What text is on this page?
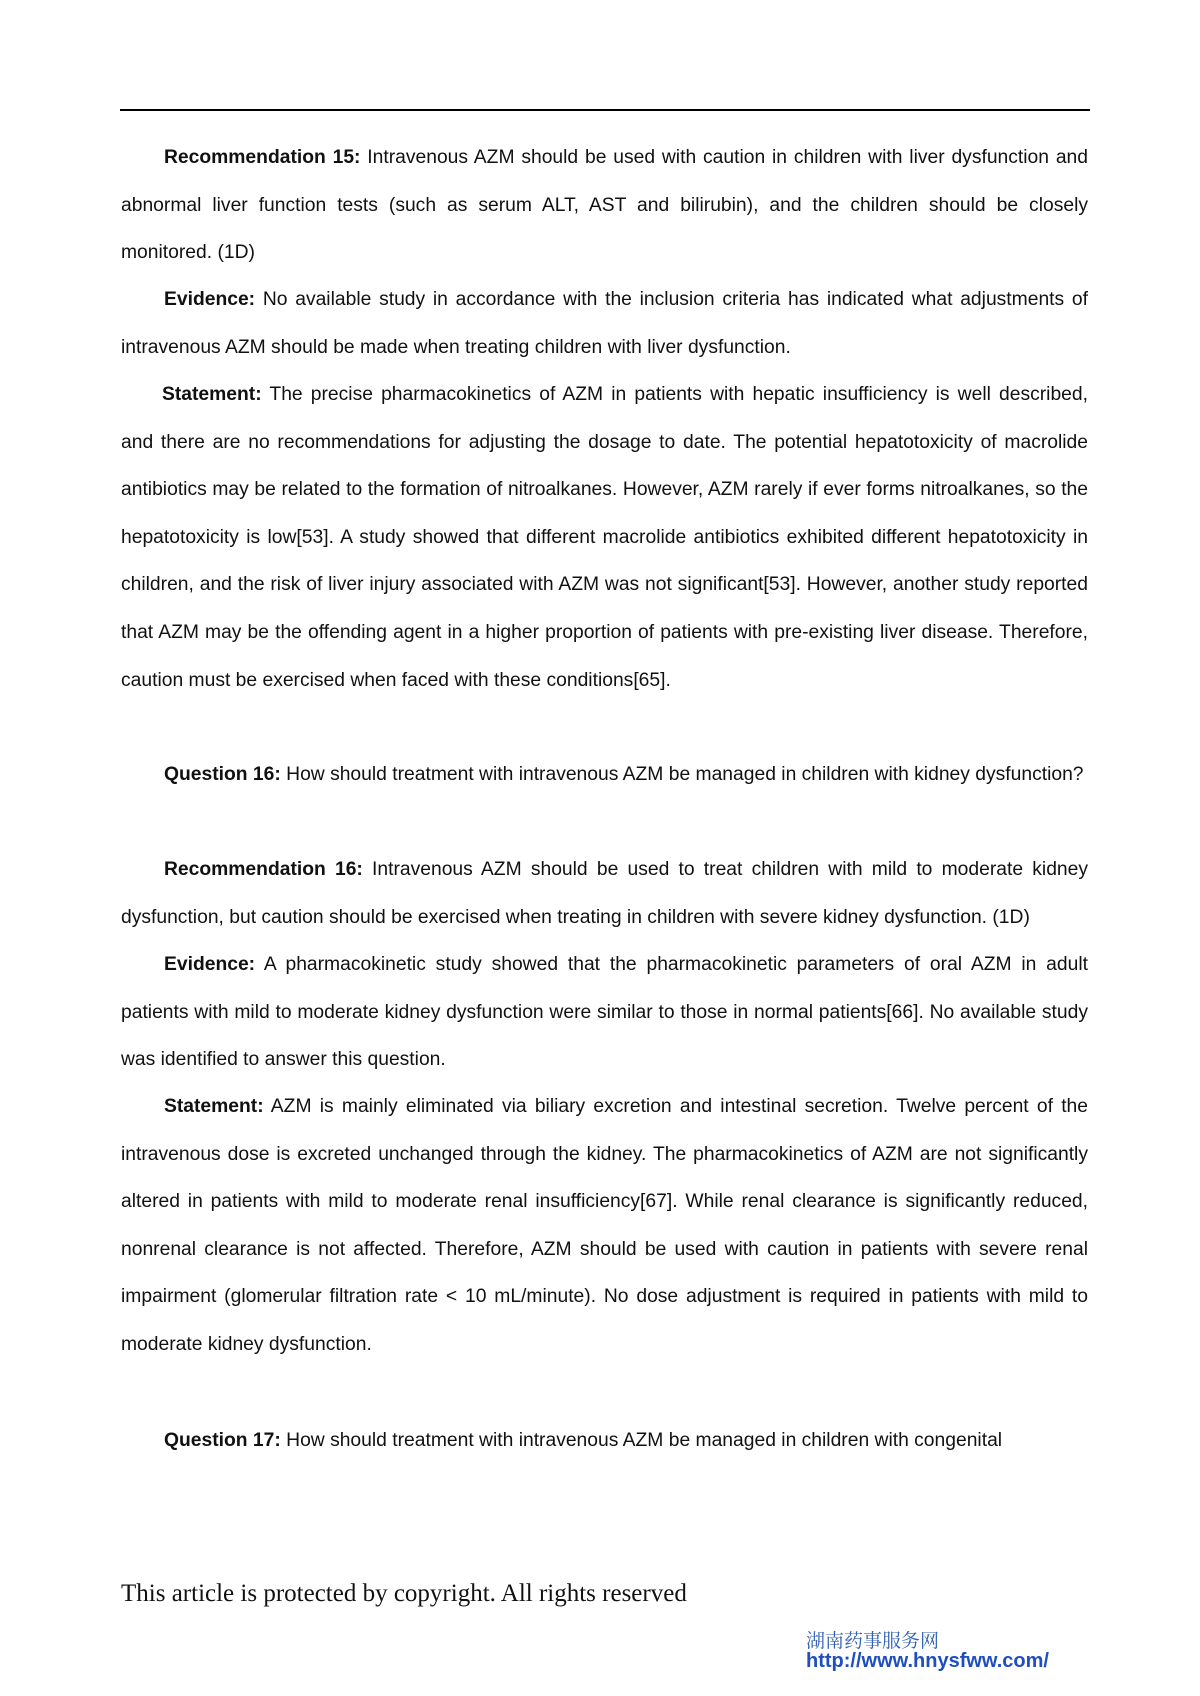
Recommendation 15: Intravenous AZM should be used with caution in children with liver dysfunction and abnormal liver function tests (such as serum ALT, AST and bilirubin), and the children should be closely monitored. (1D)

Evidence: No available study in accordance with the inclusion criteria has indicated what adjustments of intravenous AZM should be made when treating children with liver dysfunction.

Statement: The precise pharmacokinetics of AZM in patients with hepatic insufficiency is well described, and there are no recommendations for adjusting the dosage to date. The potential hepatotoxicity of macrolide antibiotics may be related to the formation of nitroalkanes. However, AZM rarely if ever forms nitroalkanes, so the hepatotoxicity is low[53]. A study showed that different macrolide antibiotics exhibited different hepatotoxicity in children, and the risk of liver injury associated with AZM was not significant[53]. However, another study reported that AZM may be the offending agent in a higher proportion of patients with pre-existing liver disease. Therefore, caution must be exercised when faced with these conditions[65].

Question 16: How should treatment with intravenous AZM be managed in children with kidney dysfunction?

Recommendation 16: Intravenous AZM should be used to treat children with mild to moderate kidney dysfunction, but caution should be exercised when treating in children with severe kidney dysfunction. (1D)

Evidence: A pharmacokinetic study showed that the pharmacokinetic parameters of oral AZM in adult patients with mild to moderate kidney dysfunction were similar to those in normal patients[66]. No available study was identified to answer this question.

Statement: AZM is mainly eliminated via biliary excretion and intestinal secretion. Twelve percent of the intravenous dose is excreted unchanged through the kidney. The pharmacokinetics of AZM are not significantly altered in patients with mild to moderate renal insufficiency[67]. While renal clearance is significantly reduced, nonrenal clearance is not affected. Therefore, AZM should be used with caution in patients with severe renal impairment (glomerular filtration rate < 10 mL/minute). No dose adjustment is required in patients with mild to moderate kidney dysfunction.

Question 17: How should treatment with intravenous AZM be managed in children with congenital

This article is protected by copyright. All rights reserved

湖南药事服务网

http://www.hnysfww.com/
